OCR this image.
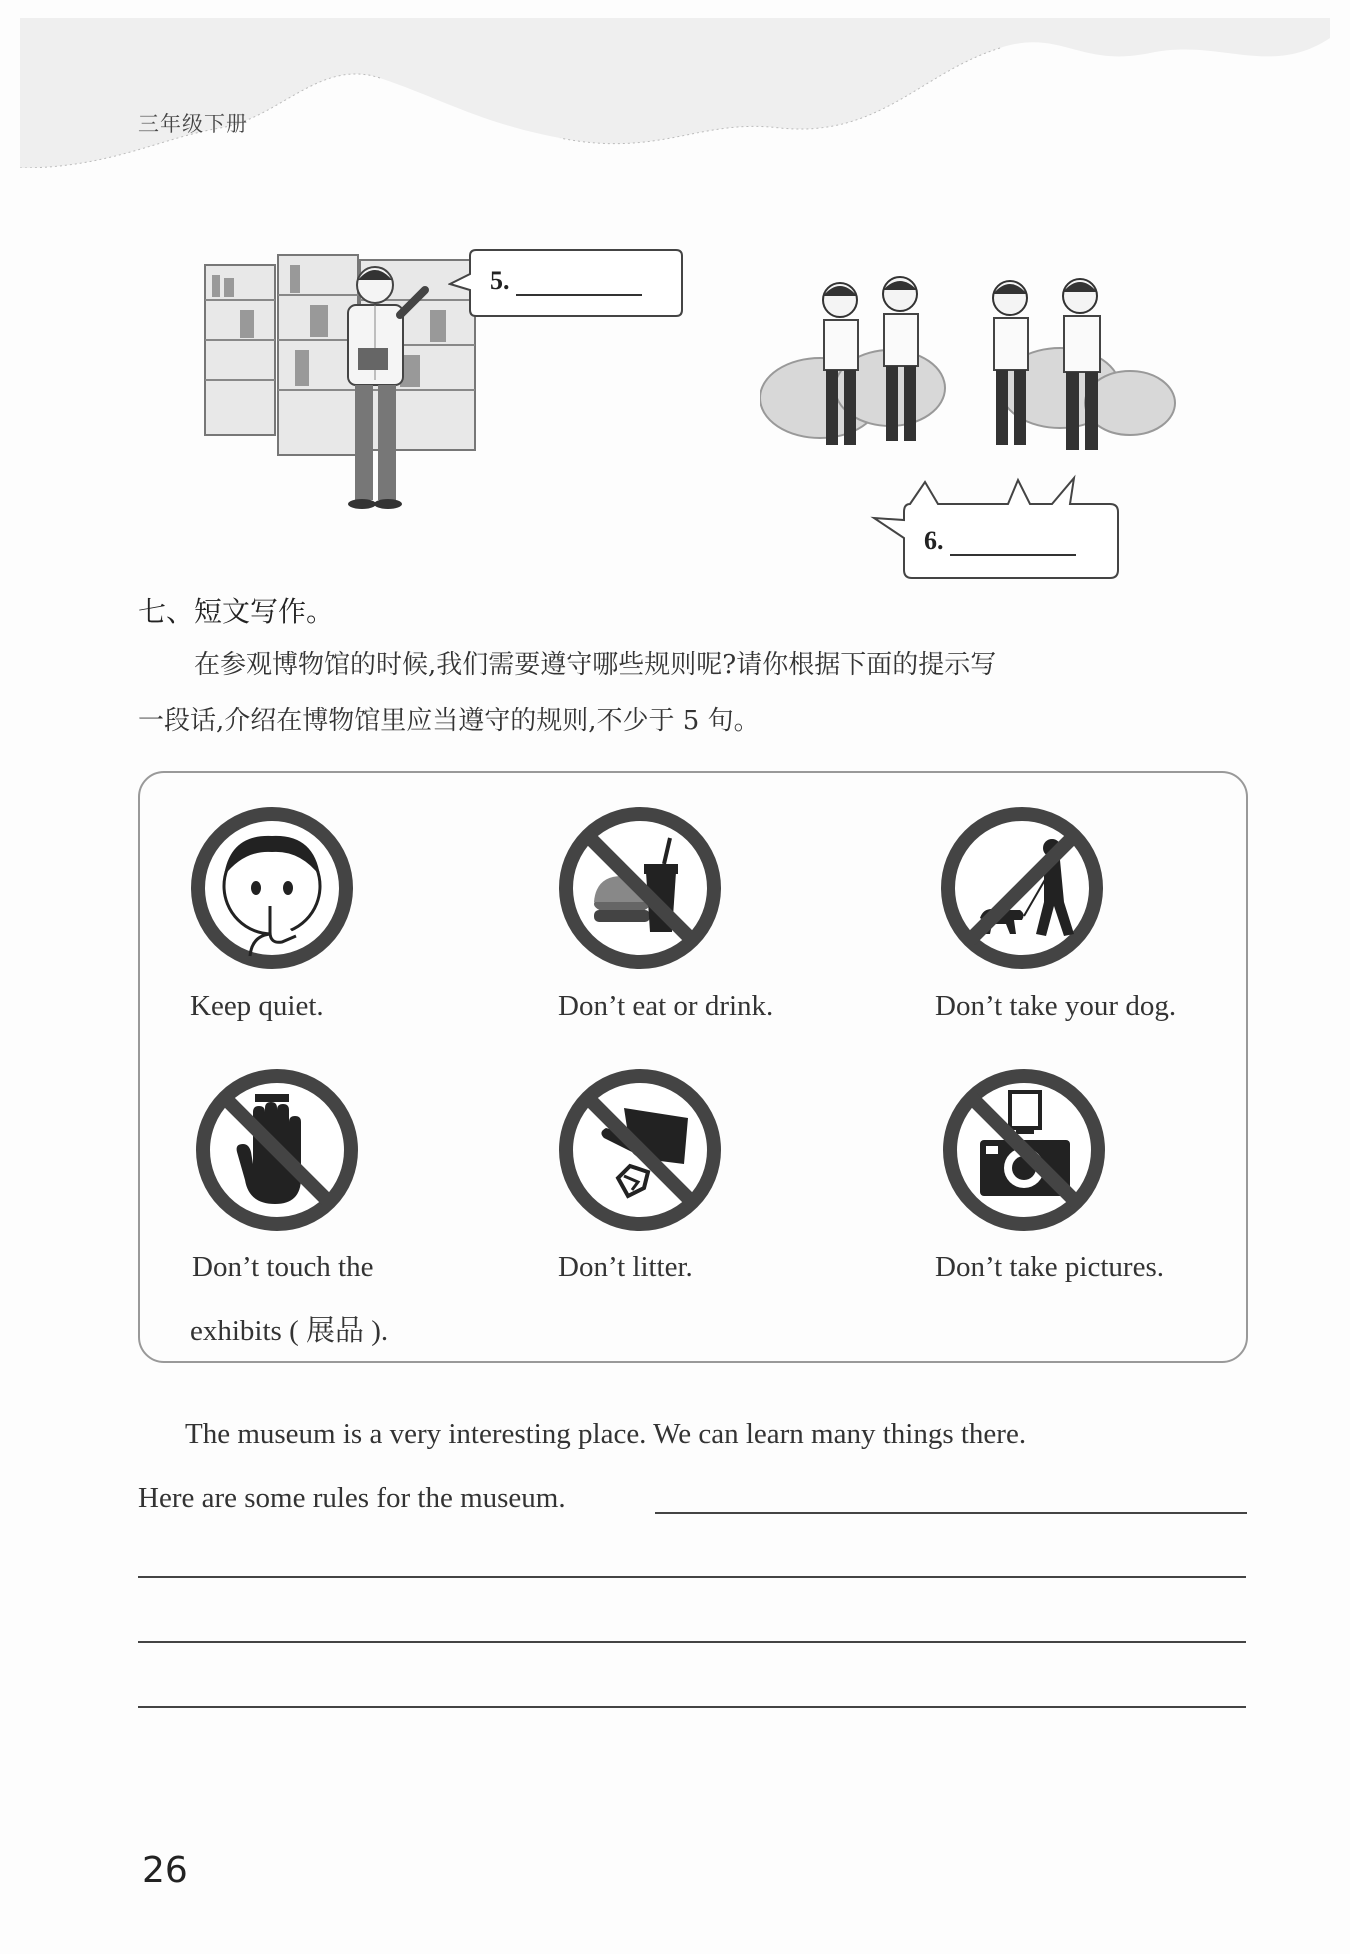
三年级下册
5.
6.
七、短文写作。
在参观博物馆的时候,我们需要遵守哪些规则呢?请你根据下面的提示写
一段话,介绍在博物馆里应当遵守的规则,不少于 5 句。
Keep quiet.	Don’t eat or drink.	Don’t take your dog.
Don’t touch the
exhibits ( 展品 ).
Don’t litter.	Don’t take pictures.
The museum is a very interesting place. We can learn many things there.
Here are some rules for the museum.
26
